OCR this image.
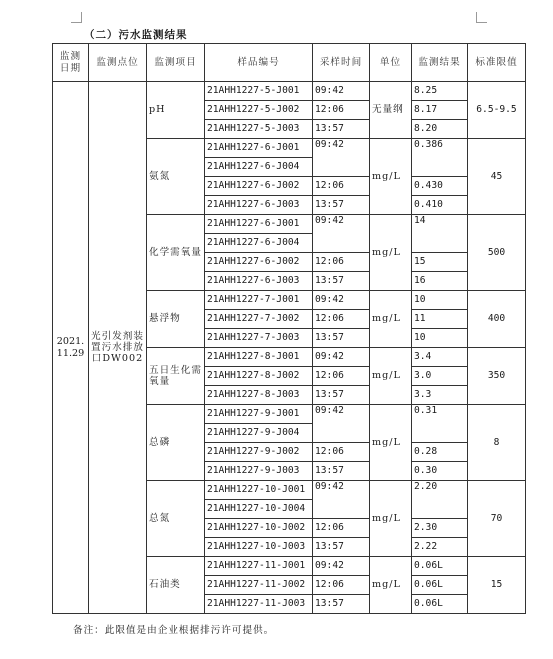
（二）污水监测结果
监测日期	监测点位	监测项目	样品编号	采样时间	单位	监测结果	标准限值
2021. 11.29	光引发剂装置污水排放口DW002	pH	21AHH1227-5-J001	09:42	无量纲	8.25	6.5-9.5
			21AHH1227-5-J002	12:06		8.17	
			21AHH1227-5-J003	13:57		8.20	
		氨氮	21AHH1227-6-J001	09:42	mg/L	0.386	45
			21AHH1227-6-J004				
			21AHH1227-6-J002	12:06		0.430	
			21AHH1227-6-J003	13:57		0.410	
		化学需氧量	21AHH1227-6-J001	09:42	mg/L	14	500
			21AHH1227-6-J004				
			21AHH1227-6-J002	12:06		15	
			21AHH1227-6-J003	13:57		16	
		悬浮物	21AHH1227-7-J001	09:42	mg/L	10	400
			21AHH1227-7-J002	12:06		11	
			21AHH1227-7-J003	13:57		10	
		五日生化需氧量	21AHH1227-8-J001	09:42	mg/L	3.4	350
			21AHH1227-8-J002	12:06		3.0	
			21AHH1227-8-J003	13:57		3.3	
		总磷	21AHH1227-9-J001	09:42	mg/L	0.31	8
			21AHH1227-9-J004				
			21AHH1227-9-J002	12:06		0.28	
			21AHH1227-9-J003	13:57		0.30	
		总氮	21AHH1227-10-J001	09:42	mg/L	2.20	70
			21AHH1227-10-J004				
			21AHH1227-10-J002	12:06		2.30	
			21AHH1227-10-J003	13:57		2.22	
		石油类	21AHH1227-11-J001	09:42	mg/L	0.06L	15
			21AHH1227-11-J002	12:06		0.06L	
			21AHH1227-11-J003	13:57		0.06L	
备注：此限值是由企业根据排污许可提供。
